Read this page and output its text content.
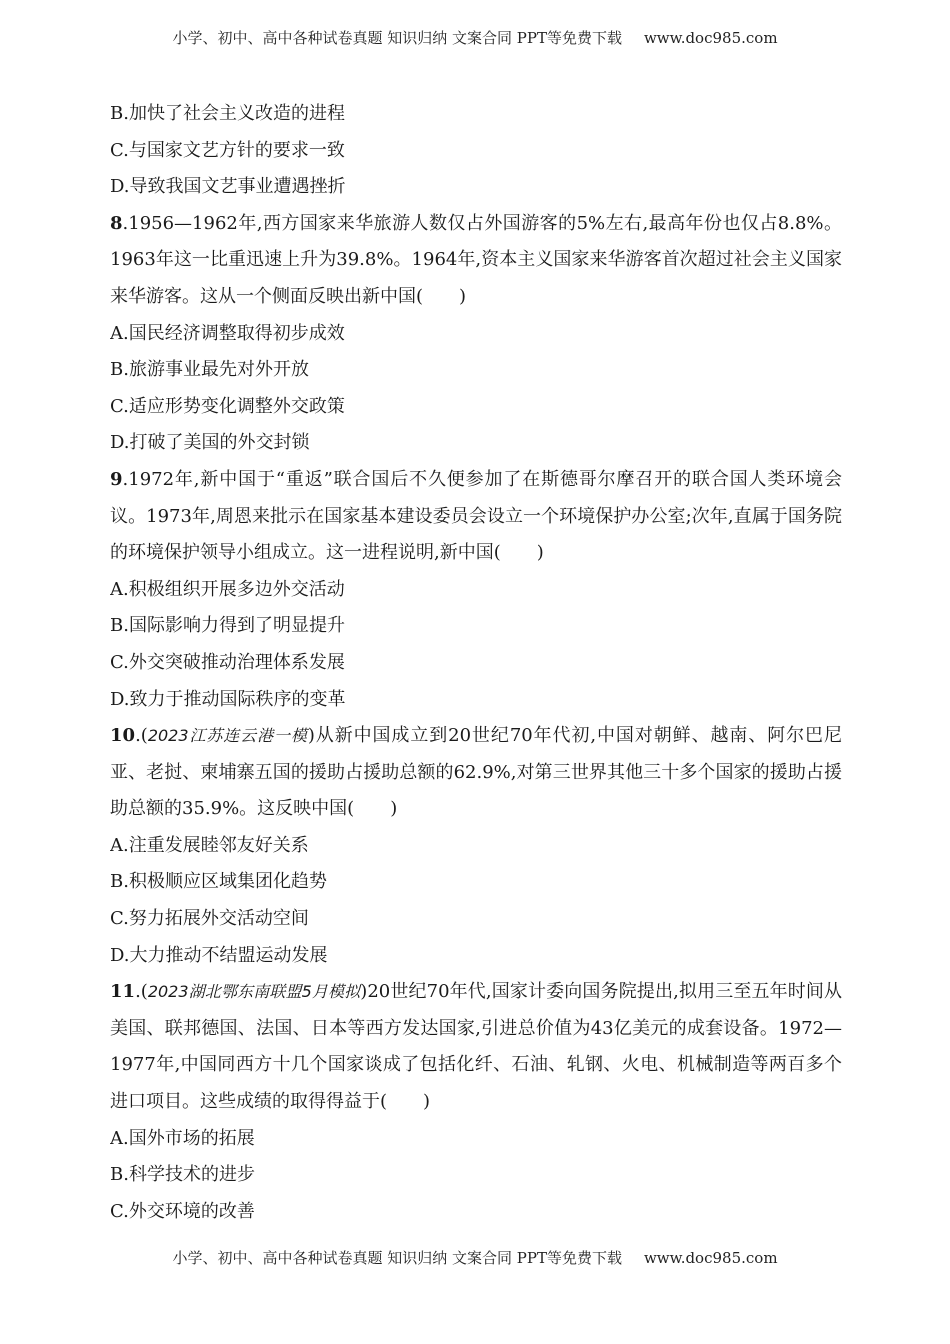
小学、初中、高中各种试卷真题 知识归纳 文案合同 PPT等免费下载 www.doc985.com
B.加快了社会主义改造的进程
C.与国家文艺方针的要求一致
D.导致我国文艺事业遭遇挫折
8.1956—1962年,西方国家来华旅游人数仅占外国游客的5%左右,最高年份也仅占8.8%。1963年这一比重迅速上升为39.8%。1964年,资本主义国家来华游客首次超过社会主义国家来华游客。这从一个侧面反映出新中国(　　)
A.国民经济调整取得初步成效
B.旅游事业最先对外开放
C.适应形势变化调整外交政策
D.打破了美国的外交封锁
9.1972年,新中国于“重返”联合国后不久便参加了在斯德哥尔摩召开的联合国人类环境会议。1973年,周恩来批示在国家基本建设委员会设立一个环境保护办公室;次年,直属于国务院的环境保护领导小组成立。这一进程说明,新中国(　　)
A.积极组织开展多边外交活动
B.国际影响力得到了明显提升
C.外交突破推动治理体系发展
D.致力于推动国际秩序的变革
10.(2023江苏连云港一模)从新中国成立到20世纪70年代初,中国对朝鲜、越南、阿尔巴尼亚、老挝、柬埔寨五国的援助占援助总额的62.9%,对第三世界其他三十多个国家的援助占援助总额的35.9%。这反映中国(　　)
A.注重发展睦邻友好关系
B.积极顺应区域集团化趋势
C.努力拓展外交活动空间
D.大力推动不结盟运动发展
11.(2023湖北鄂东南联盟5月模拟)20世纪70年代,国家计委向国务院提出,拟用三至五年时间从美国、联邦德国、法国、日本等西方发达国家,引进总价值为43亿美元的成套设备。1972—1977年,中国同西方十几个国家谈成了包括化纤、石油、轧钢、火电、机械制造等两百多个进口项目。这些成绩的取得得益于(　　)
A.国外市场的拓展
B.科学技术的进步
C.外交环境的改善
小学、初中、高中各种试卷真题 知识归纳 文案合同 PPT等免费下载 www.doc985.com
